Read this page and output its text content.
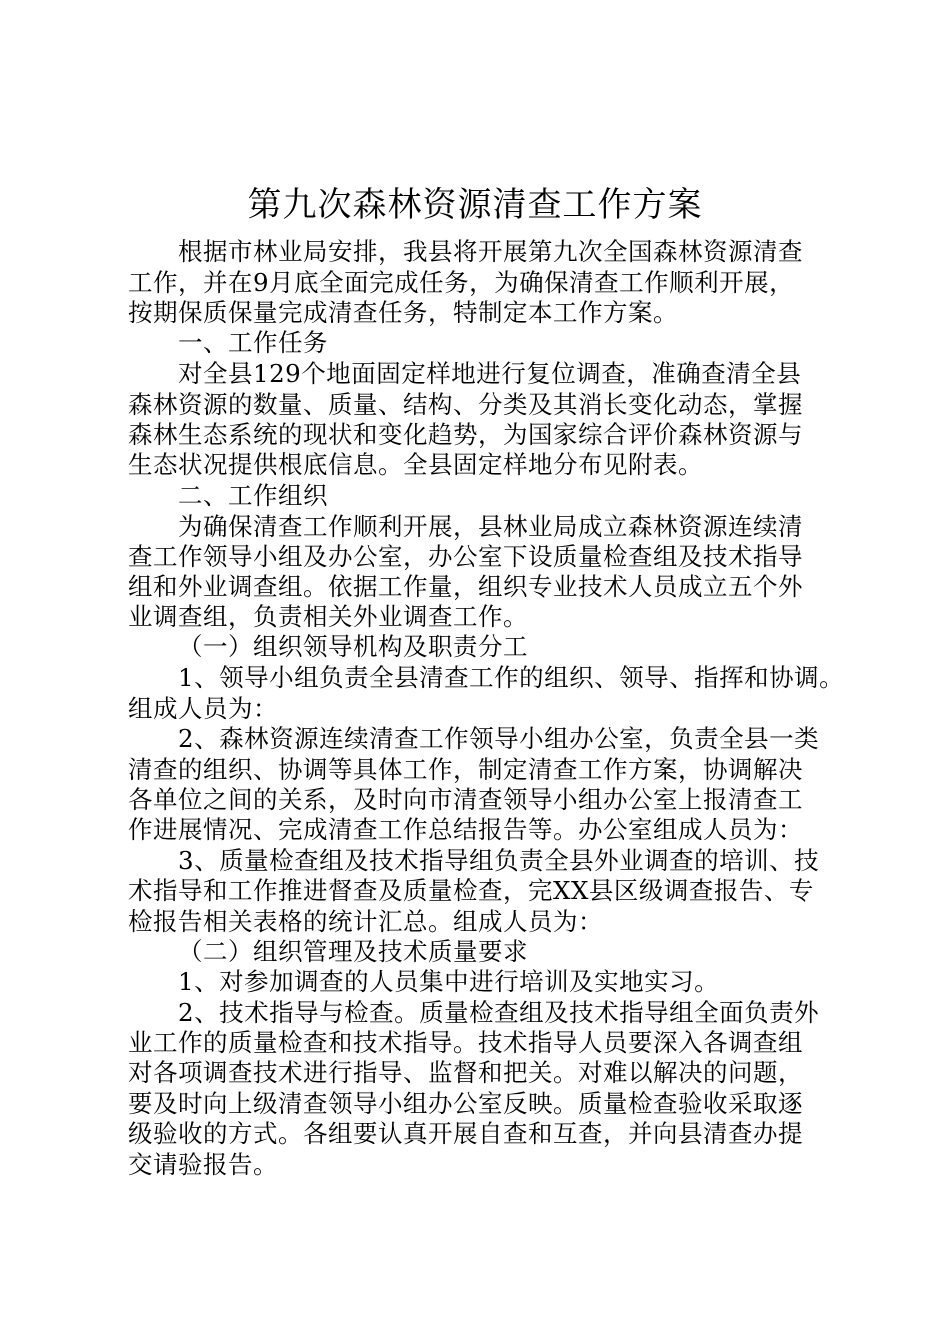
第九次森林资源清查工作方案

根据市林业局安排，我县将开展第九次全国森林资源清查

工作，并在9月底全面完成任务，为确保清查工作顺利开展，

按期保质保量完成清查任务，特制定本工作方案。

一、工作任务

对全县129个地面固定样地进行复位调查，准确查清全县

森林资源的数量、质量、结构、分类及其消长变化动态，掌握

森林生态系统的现状和变化趋势，为国家综合评价森林资源与

生态状况提供根底信息。全县固定样地分布见附表。

二、工作组织

为确保清查工作顺利开展，县林业局成立森林资源连续清

查工作领导小组及办公室，办公室下设质量检查组及技术指导

组和外业调查组。依据工作量，组织专业技术人员成立五个外

业调查组，负责相关外业调查工作。

（一）组织领导机构及职责分工

1、领导小组负责全县清查工作的组织、领导、指挥和协调。

组成人员为：

2、森林资源连续清查工作领导小组办公室，负责全县一类

清查的组织、协调等具体工作，制定清查工作方案，协调解决

各单位之间的关系，及时向市清查领导小组办公室上报清查工

作进展情况、完成清查工作总结报告等。办公室组成人员为：

3、质量检查组及技术指导组负责全县外业调查的培训、技

术指导和工作推进督查及质量检查，完XX县区级调查报告、专

检报告相关表格的统计汇总。组成人员为：

（二）组织管理及技术质量要求

1、对参加调查的人员集中进行培训及实地实习。

2、技术指导与检查。质量检查组及技术指导组全面负责外

业工作的质量检查和技术指导。技术指导人员要深入各调查组

对各项调查技术进行指导、监督和把关。对难以解决的问题，

要及时向上级清查领导小组办公室反映。质量检查验收采取逐

级验收的方式。各组要认真开展自查和互查，并向县清查办提

交请验报告。
